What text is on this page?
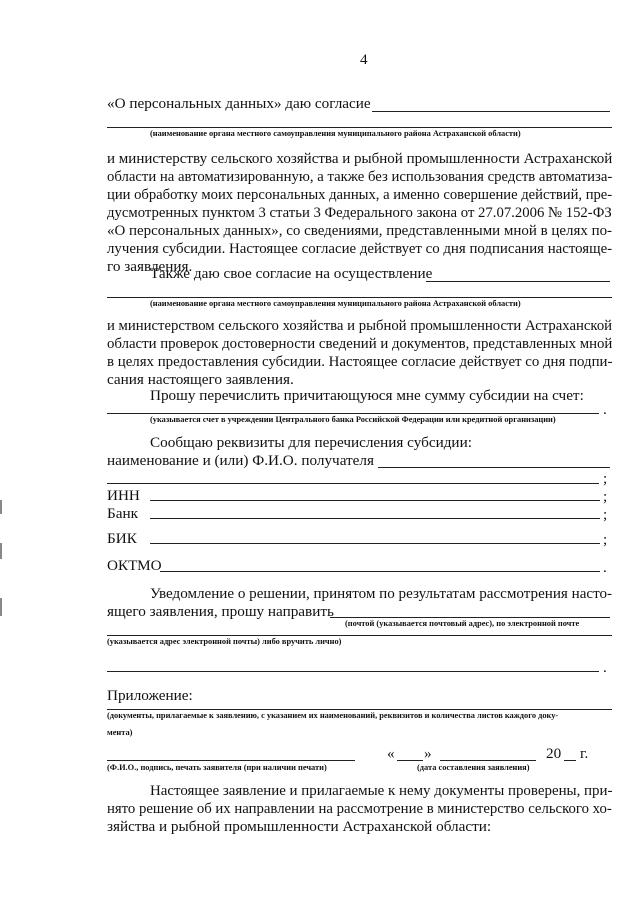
4
«О персональных данных» даю согласие
(наименование органа местного самоуправления муниципального района Астраханской области)
и министерству сельского хозяйства и рыбной промышленности Астраханской
области на автоматизированную, а также без использования средств автоматиза-
ции обработку моих персональных данных, а именно совершение действий, пре-
дусмотренных пунктом 3 статьи 3 Федерального закона от 27.07.2006 № 152-ФЗ
«О персональных данных», со сведениями, представленными мной в целях по-
лучения субсидии. Настоящее согласие действует со дня подписания настояще-
го заявления.
Также даю свое согласие на осуществление
(наименование органа местного самоуправления муниципального района Астраханской области)
и министерством сельского хозяйства и рыбной промышленности Астраханской
области проверок достоверности сведений и документов, представленных мной
в целях предоставления субсидии. Настоящее согласие действует со дня подпи-
сания настоящего заявления.
Прошу перечислить причитающуюся мне сумму субсидии на счет:
.
(указывается счет в учреждении Центрального банка Российской Федерации или кредитной организации)
Сообщаю реквизиты для перечисления субсидии:
наименование и (или) Ф.И.О. получателя
;
ИНН	;
Банк	;
БИК	;
ОКТМО	.
Уведомление о решении, принятом по результатам рассмотрения насто-
ящего заявления, прошу направить
(почтой (указывается почтовый адрес), по электронной почте
(указывается адрес электронной почты) либо вручить лично)
.
Приложение:
(документы, прилагаемые к заявлению, с указанием их наименований, реквизитов и количества листов каждого доку-
мента)
« »	20 г.
(Ф.И.О., подпись, печать заявителя (при наличии печати)	(дата составления заявления)
Настоящее заявление и прилагаемые к нему документы проверены, при-
нято решение об их направлении на рассмотрение в министерство сельского хо-
зяйства и рыбной промышленности Астраханской области:
